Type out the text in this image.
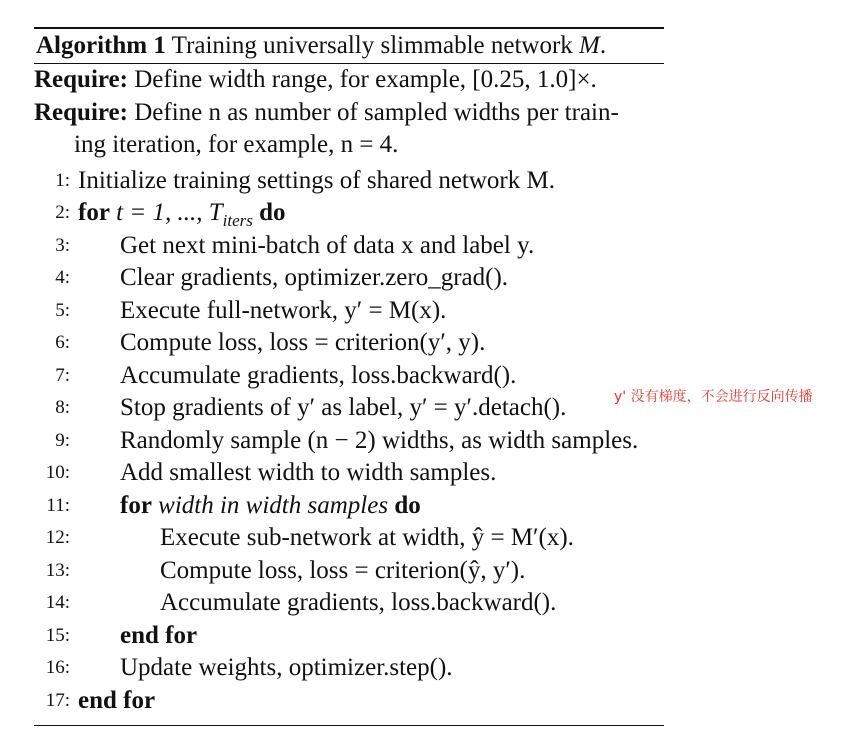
Algorithm 1 Training universally slimmable network M.
Require: Define width range, for example, [0.25, 1.0]×.
Require: Define n as number of sampled widths per train-
ing iteration, for example, n = 4.
1: Initialize training settings of shared network M.
2: for t = 1, ..., $T_{iters}$ do
3: Get next mini-batch of data x and label y.
4: Clear gradients, optimizer.zero_grad().
5: Execute full-network, y′ = M(x).
6: Compute loss, loss = criterion(y′, y).
7: Accumulate gradients, loss.backward().
8: Stop gradients of y′ as label, y′ = y′.detach().
9: Randomly sample (n − 2) widths, as width samples.
10: Add smallest width to width samples.
11: for width in width samples do
12:	Execute sub-network at width, ŷ = M′(x).
13:	Compute loss, loss = criterion(ŷ, y′).
14:	Accumulate gradients, loss.backward().
15: end for
16: Update weights, optimizer.step().
17: end for
y' 没有梯度，不会进行反向传播
